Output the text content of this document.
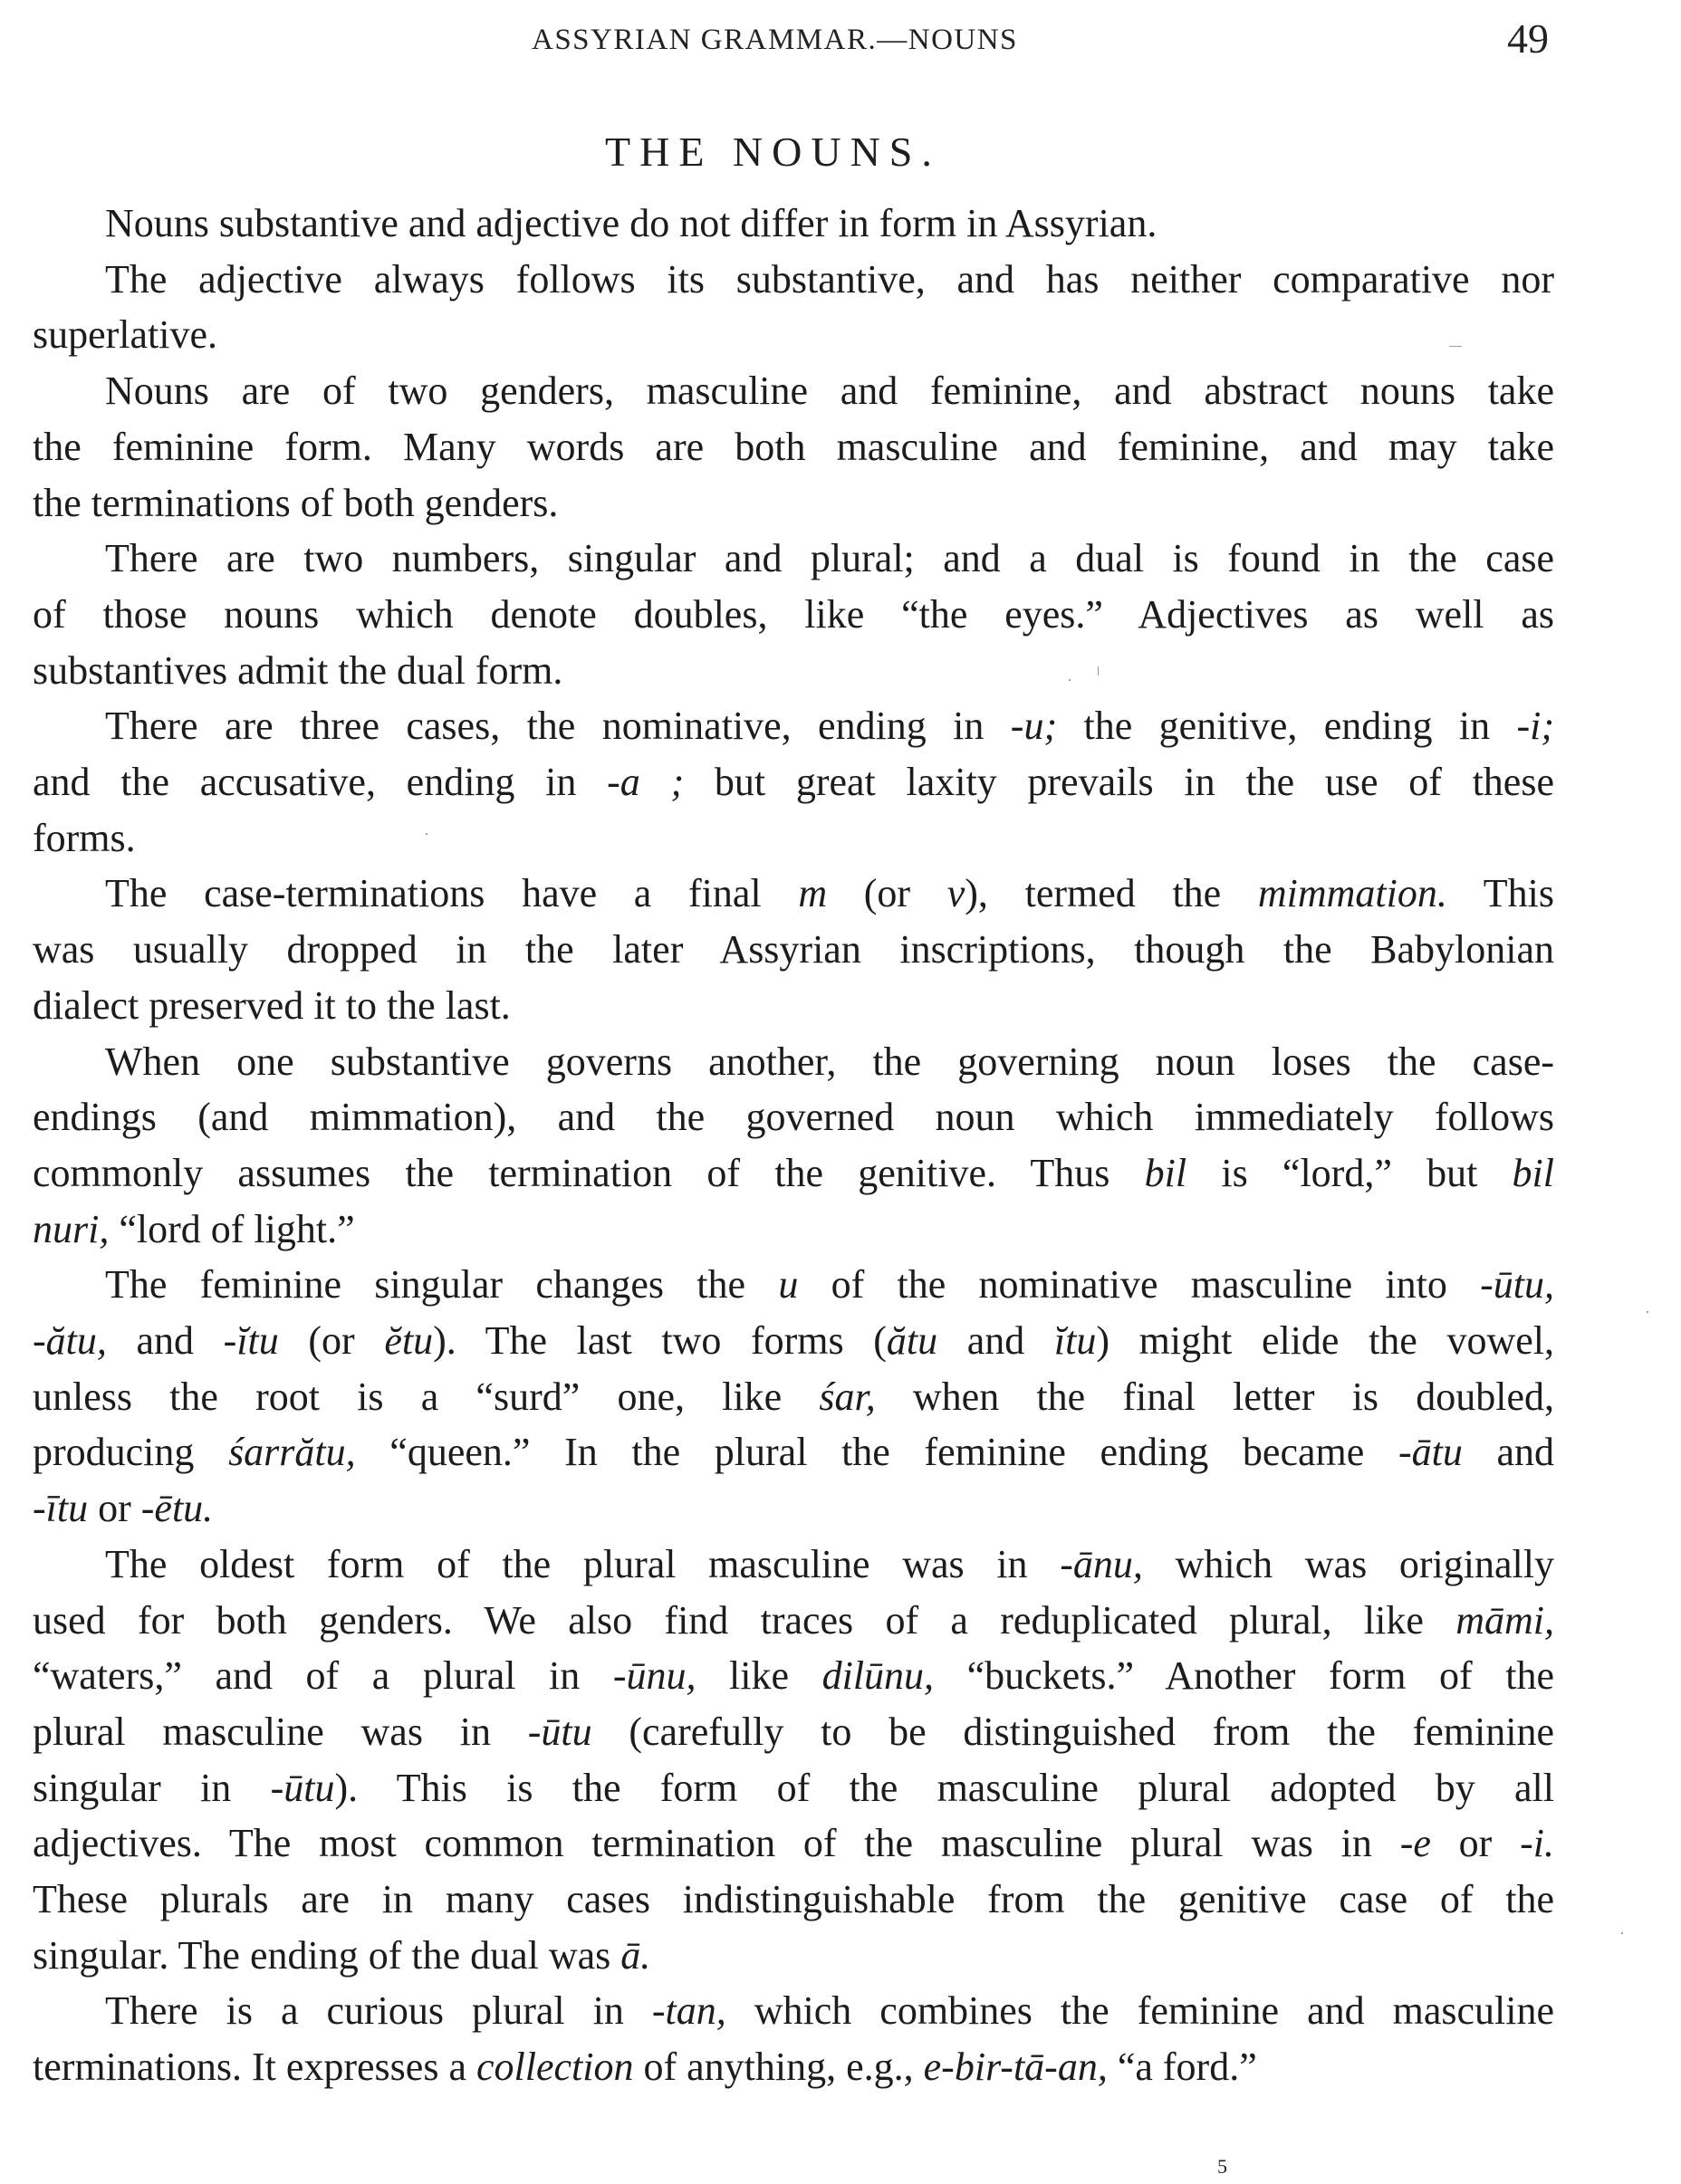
ASSYRIAN GRAMMAR.—NOUNS	49
THE NOUNS.
Nouns substantive and adjective do not differ in form in Assyrian.
The adjective always follows its substantive, and has neither comparative nor
superlative.
Nouns are of two genders, masculine and feminine, and abstract nouns take
the feminine form. Many words are both masculine and feminine, and may take
the terminations of both genders.
There are two numbers, singular and plural; and a dual is found in the case
of those nouns which denote doubles, like “the eyes.” Adjectives as well as
substantives admit the dual form.
There are three cases, the nominative, ending in -u; the genitive, ending in -i;
and the accusative, ending in -a ; but great laxity prevails in the use of these
forms.
The case-terminations have a final m (or v), termed the mimmation. This
was usually dropped in the later Assyrian inscriptions, though the Babylonian
dialect preserved it to the last.
When one substantive governs another, the governing noun loses the case-
endings (and mimmation), and the governed noun which immediately follows
commonly assumes the termination of the genitive. Thus bil is “lord,” but bil
nuri, “lord of light.”
The feminine singular changes the u of the nominative masculine into -ūtu,
-ătu, and -ĭtu (or ĕtu). The last two forms (ătu and ĭtu) might elide the vowel,
unless the root is a “surd” one, like śar, when the final letter is doubled,
producing śarrătu, “queen.” In the plural the feminine ending became -ātu and
-ītu or -ētu.
The oldest form of the plural masculine was in -ānu, which was originally
used for both genders. We also find traces of a reduplicated plural, like māmi,
“waters,” and of a plural in -ūnu, like dilūnu, “buckets.” Another form of the
plural masculine was in -ūtu (carefully to be distinguished from the feminine
singular in -ūtu). This is the form of the masculine plural adopted by all
adjectives. The most common termination of the masculine plural was in -e or -i.
These plurals are in many cases indistinguishable from the genitive case of the
singular. The ending of the dual was ā.
There is a curious plural in -tan, which combines the feminine and masculine
terminations. It expresses a collection of anything, e.g., e-bir-tā-an, “a ford.”
5
